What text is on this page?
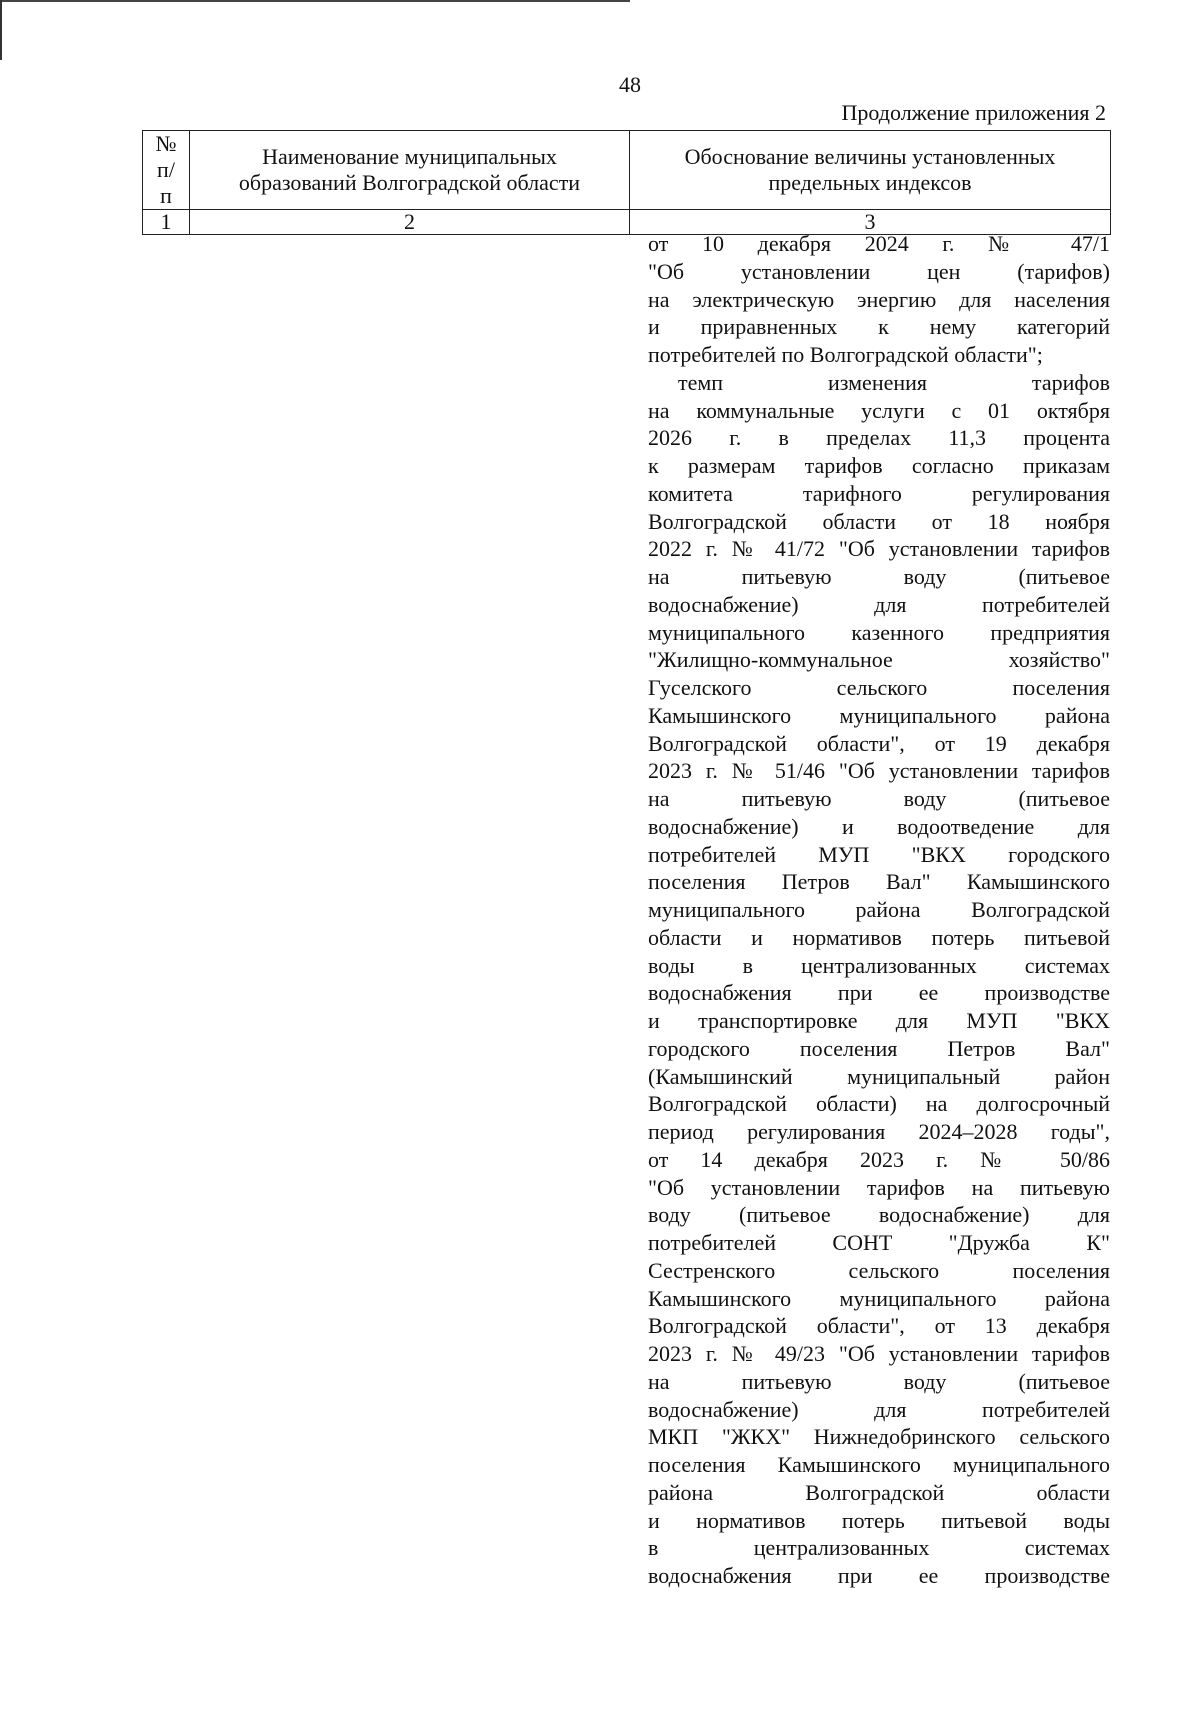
48
Продолжение приложения 2
№ п/п	Наименование муниципальных образований Волгоградской области	Обоснование величины установленных предельных индексов
1	2	3
от 10 декабря 2024 г. № 47/1
"Об установлении цен (тарифов)
на электрическую энергию для населения
и приравненных к нему категорий
потребителей по Волгоградской области";
темп изменения тарифов
на коммунальные услуги с 01 октября
2026 г. в пределах 11,3 процента
к размерам тарифов согласно приказам
комитета тарифного регулирования
Волгоградской области от 18 ноября
2022 г. № 41/72 "Об установлении тарифов
на питьевую воду (питьевое
водоснабжение) для потребителей
муниципального казенного предприятия
"Жилищно-коммунальное хозяйство"
Гуселского сельского поселения
Камышинского муниципального района
Волгоградской области", от 19 декабря
2023 г. № 51/46 "Об установлении тарифов
на питьевую воду (питьевое
водоснабжение) и водоотведение для
потребителей МУП "ВКХ городского
поселения Петров Вал" Камышинского
муниципального района Волгоградской
области и нормативов потерь питьевой
воды в централизованных системах
водоснабжения при ее производстве
и транспортировке для МУП "ВКХ
городского поселения Петров Вал"
(Камышинский муниципальный район
Волгоградской области) на долгосрочный
период регулирования 2024–2028 годы",
от 14 декабря 2023 г. № 50/86
"Об установлении тарифов на питьевую
воду (питьевое водоснабжение) для
потребителей СОНТ "Дружба К"
Сестренского сельского поселения
Камышинского муниципального района
Волгоградской области", от 13 декабря
2023 г. № 49/23 "Об установлении тарифов
на питьевую воду (питьевое
водоснабжение) для потребителей
МКП "ЖКХ" Нижнедобринского сельского
поселения Камышинского муниципального
района Волгоградской области
и нормативов потерь питьевой воды
в централизованных системах
водоснабжения при ее производстве
